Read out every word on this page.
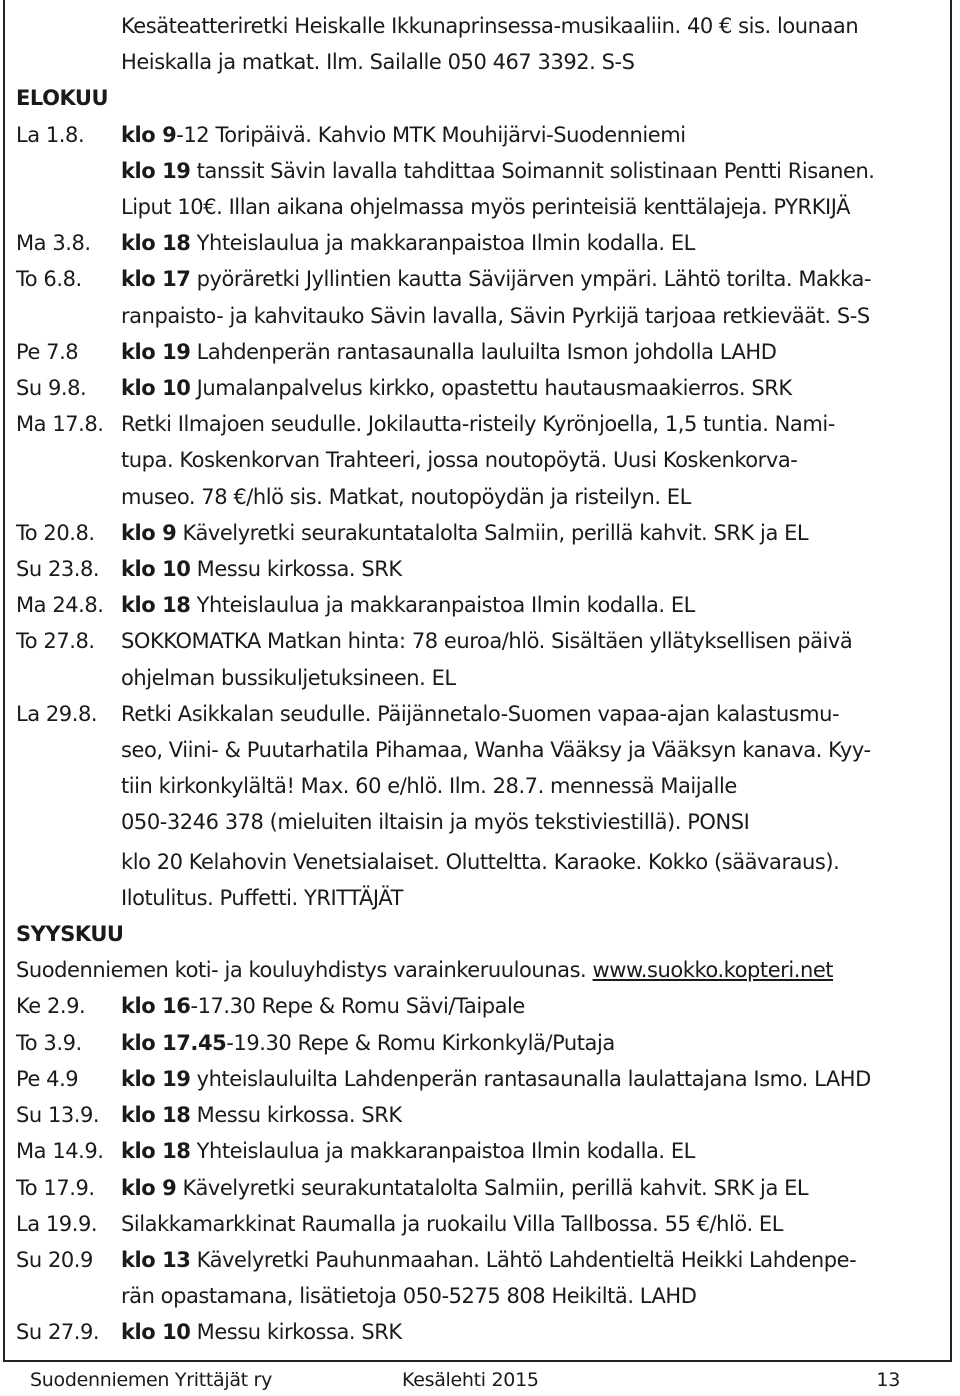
Kesäteatteriretki Heiskalle Ikkunaprinsessa-musikaaliin. 40 € sis. lounaan
Heiskalla ja matkat. Ilm. Sailalle 050 467 3392. S-S
ELOKUU
La 1.8.	klo 9-12 Toripäivä. Kahvio MTK Mouhijärvi-Suodenniemi
klo 19 tanssit Sävin lavalla tahdittaa Soimannit solistinaan Pentti Risanen.
Liput 10€. Illan aikana ohjelmassa myös perinteisiä kenttälajeja. PYRKIJÄ
Ma 3.8.	klo 18 Yhteislaulua ja makkaranpaistoa Ilmin kodalla. EL
To 6.8.	klo 17 pyöräretki Jyllintien kautta Sävijärven ympäri. Lähtö torilta. Makka-
ranpaisto- ja kahvitauko Sävin lavalla, Sävin Pyrkijä tarjoaa retkieväät. S-S
Pe 7.8	klo 19 Lahdenperän rantasaunalla lauluilta Ismon johdolla LAHD
Su 9.8.	klo 10 Jumalanpalvelus kirkko, opastettu hautausmaakierros. SRK
Ma 17.8. Retki Ilmajoen seudulle. Jokilautta-risteily Kyrönjoella, 1,5 tuntia. Nami-
tupa. Koskenkorvan Trahteeri, jossa noutopöytä. Uusi Koskenkorva-
museo. 78 €/hlö sis. Matkat, noutopöydän ja risteilyn. EL
To 20.8.	klo 9 Kävelyretki seurakuntatalolta Salmiin, perillä kahvit. SRK ja EL
Su 23.8.	klo 10 Messu kirkossa. SRK
Ma 24.8. klo 18 Yhteislaulua ja makkaranpaistoa Ilmin kodalla. EL
To 27.8.	SOKKOMATKA Matkan hinta: 78 euroa/hlö. Sisältäen yllätyksellisen päivä
ohjelman bussikuljetuksineen. EL
La 29.8.	Retki Asikkalan seudulle. Päijännetalo-Suomen vapaa-ajan kalastusmu-
seo, Viini- & Puutarhatila Pihamaa, Wanha Vääksy ja Vääksyn kanava. Kyy-
tiin kirkonkylältä! Max. 60 e/hlö. Ilm. 28.7. mennessä Maijalle
050-3246 378 (mieluiten iltaisin ja myös tekstiviestillä). PONSI
klo 20 Kelahovin Venetsialaiset. Olutteltta. Karaoke. Kokko (säävaraus).
Ilotulitus. Puffetti. YRITTÄJÄT
SYYSKUU
Suodenniemen koti- ja kouluyhdistys varainkeruulounas. www.suokko.kopteri.net
Ke 2.9.	klo 16-17.30 Repe & Romu Sävi/Taipale
To 3.9.	klo 17.45-19.30 Repe & Romu Kirkonkylä/Putaja
Pe 4.9	klo 19 yhteislauluilta Lahdenperän rantasaunalla laulattajana Ismo. LAHD
Su 13.9.	klo 18 Messu kirkossa. SRK
Ma 14.9. klo 18 Yhteislaulua ja makkaranpaistoa Ilmin kodalla. EL
To 17.9.	klo 9 Kävelyretki seurakuntatalolta Salmiin, perillä kahvit. SRK ja EL
La 19.9.	Silakkamarkkinat Raumalla ja ruokailu Villa Tallbossa. 55 €/hlö. EL
Su 20.9	klo 13 Kävelyretki Pauhunmaahan. Lähtö Lahdentieltä Heikki Lahdenpe-
rän opastamana, lisätietoja 050-5275 808 Heikiltä. LAHD
Su 27.9.	klo 10 Messu kirkossa. SRK
Suodenniemen Yrittäjät ry	Kesälehti 2015	13
